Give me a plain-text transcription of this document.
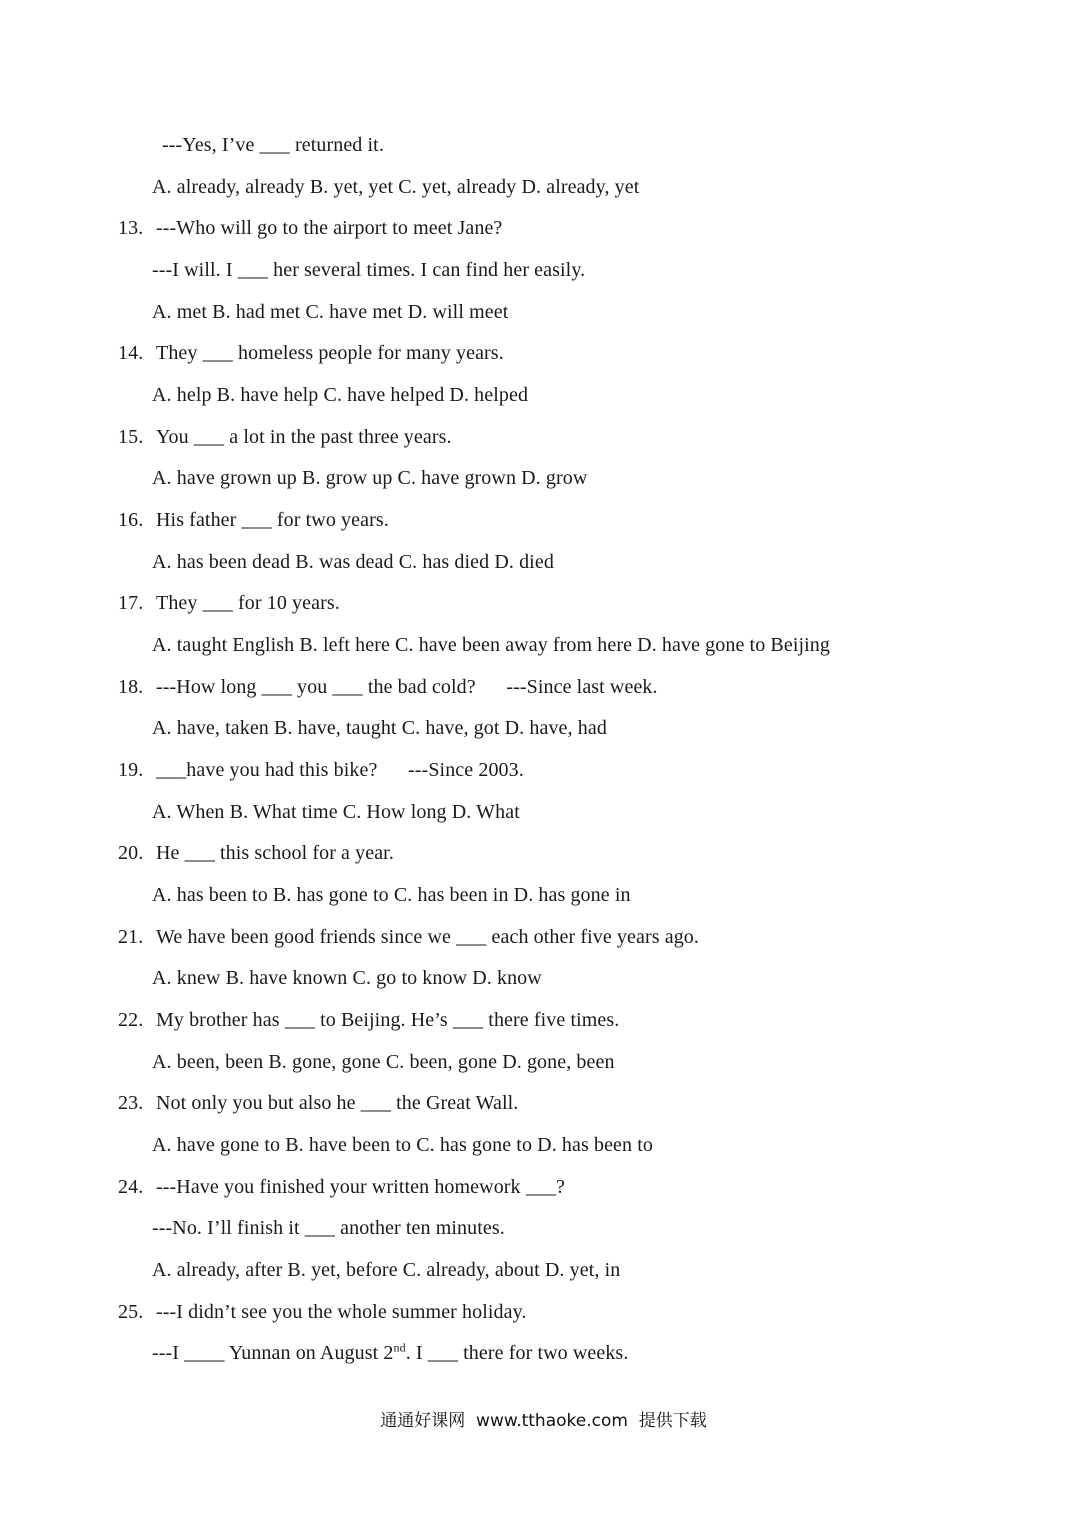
---Yes, I’ve ___ returned it.
A. already, already B. yet, yet C. yet, already D. already, yet
13. ---Who will go to the airport to meet Jane?
---I will. I ___ her several times. I can find her easily.
A. met B. had met C. have met D. will meet
14. They ___ homeless people for many years.
A. help B. have help C. have helped D. helped
15. You ___ a lot in the past three years.
A. have grown up B. grow up C. have grown D. grow
16. His father ___ for two years.
A. has been dead B. was dead C. has died D. died
17. They ___ for 10 years.
A. taught English B. left here C. have been away from here D. have gone to Beijing
18. ---How long ___ you ___ the bad cold?      ---Since last week.
A. have, taken B. have, taught C. have, got D. have, had
19. ___have you had this bike?      ---Since 2003.
A. When B. What time C. How long D. What
20. He ___ this school for a year.
A. has been to B. has gone to C. has been in D. has gone in
21. We have been good friends since we ___ each other five years ago.
A. knew B. have known C. go to know D. know
22. My brother has ___ to Beijing. He’s ___ there five times.
A. been, been B. gone, gone C. been, gone D. gone, been
23. Not only you but also he ___ the Great Wall.
A. have gone to B. have been to C. has gone to D. has been to
24. ---Have you finished your written homework ___?
---No. I’ll finish it ___ another ten minutes.
A. already, after B. yet, before C. already, about D. yet, in
25. ---I didn’t see you the whole summer holiday.
---I ____ Yunnan on August 2nd. I ___ there for two weeks.
通通好课网  www.tthaoke.com  提供下载
